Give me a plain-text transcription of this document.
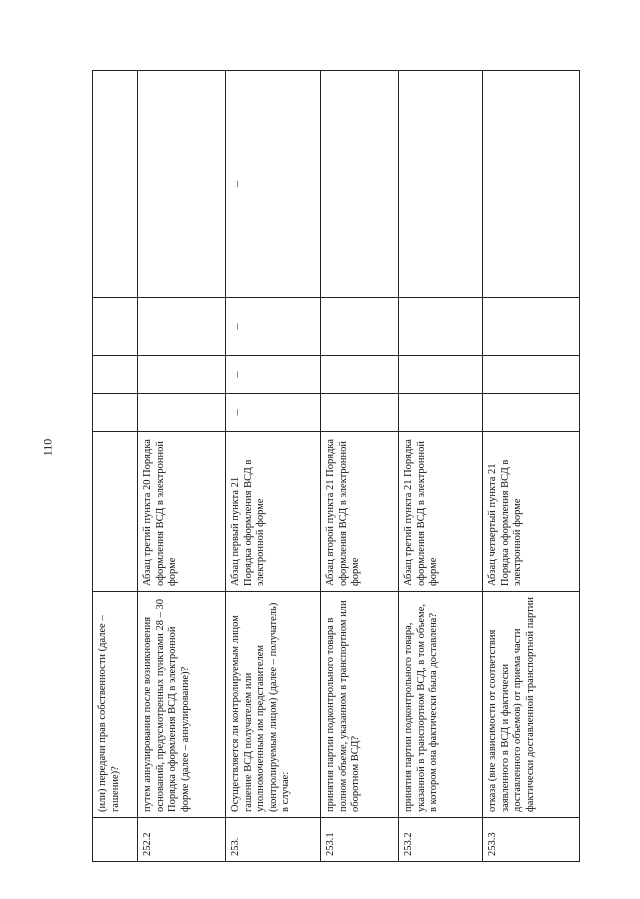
110
	(или) передачи прав собственности (далее – гашение)?					
252.2	путем аннулирования после возникновения оснований, предусмотренных пунктами 28 – 30 Порядка оформления ВСД в электронной форме (далее – аннулирование)?	Абзац третий пункта 20 Порядка оформления ВСД в электронной форме				
253.	Осуществляется ли контролируемым лицом гашение ВСД получателем или уполномоченным им представителем (контролируемым лицом) (далее – получатель) в случае:	Абзац первый пункта 21 Порядка оформления ВСД в электронной форме	–	–	–	–
253.1	принятия партии подконтрольного товара в полном объеме, указанном в транспортном или оборотном ВСД?	Абзац второй пункта 21 Порядка оформления ВСД в электронной форме				
253.2	принятия партии подконтрольного товара, указанной в транспортном ВСД, в том объеме, в котором она фактически была доставлена?	Абзац третий пункта 21 Порядка оформления ВСД в электронной форме				
253.3	отказа (вне зависимости от соответствия заявленного в ВСД и фактически доставленного объемов) от приема части фактически доставленной транспортной партии	Абзац четвертый пункта 21 Порядка оформления ВСД в электронной форме				
